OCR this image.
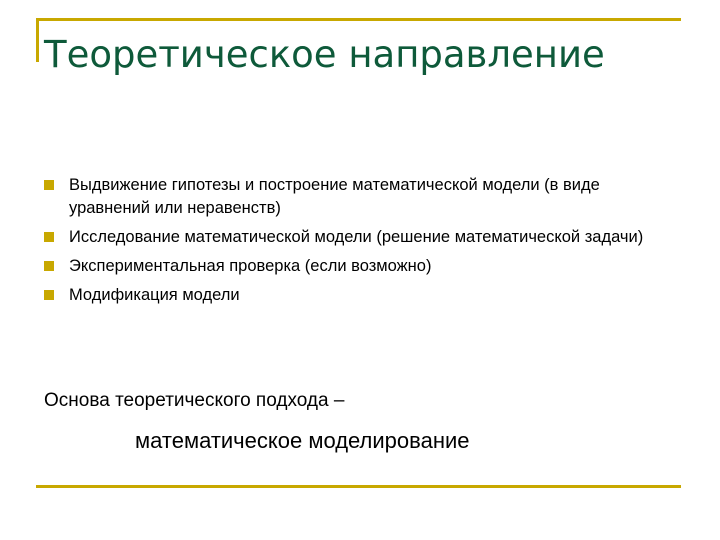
Теоретическое направление
Выдвижение гипотезы и построение математической модели (в виде уравнений или неравенств)
Исследование математической модели (решение математической задачи)
Экспериментальная проверка (если возможно)
Модификация модели

Основа теоретического подхода –

математическое моделирование
